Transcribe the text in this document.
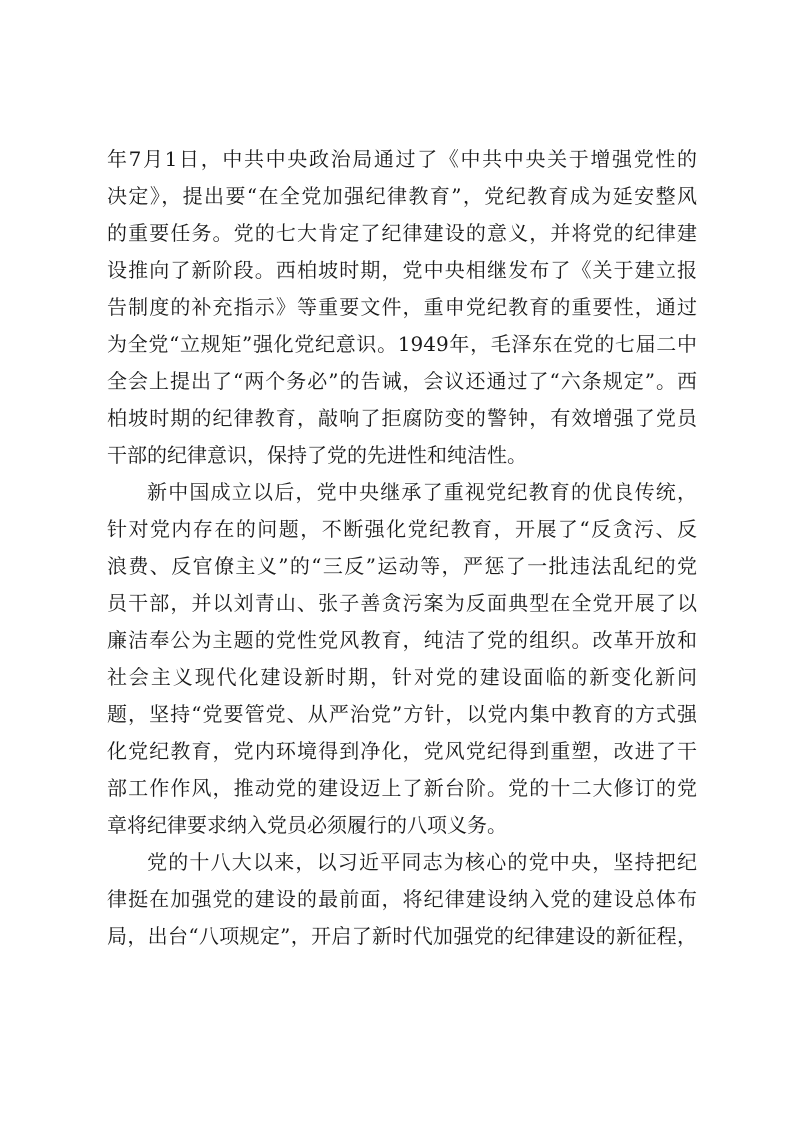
年7月1日，中共中央政治局通过了《中共中央关于增强党性的
决定》，提出要“在全党加强纪律教育”，党纪教育成为延安整风
的重要任务。党的七大肯定了纪律建设的意义，并将党的纪律建
设推向了新阶段。西柏坡时期，党中央相继发布了《关于建立报
告制度的补充指示》等重要文件，重申党纪教育的重要性，通过
为全党“立规矩”强化党纪意识。1949年，毛泽东在党的七届二中
全会上提出了“两个务必”的告诫，会议还通过了“六条规定”。西
柏坡时期的纪律教育，敲响了拒腐防变的警钟，有效增强了党员
干部的纪律意识，保持了党的先进性和纯洁性。
新中国成立以后，党中央继承了重视党纪教育的优良传统，
针对党内存在的问题，不断强化党纪教育，开展了“反贪污、反
浪费、反官僚主义”的“三反”运动等，严惩了一批违法乱纪的党
员干部，并以刘青山、张子善贪污案为反面典型在全党开展了以
廉洁奉公为主题的党性党风教育，纯洁了党的组织。改革开放和
社会主义现代化建设新时期，针对党的建设面临的新变化新问
题，坚持“党要管党、从严治党”方针，以党内集中教育的方式强
化党纪教育，党内环境得到净化，党风党纪得到重塑，改进了干
部工作作风，推动党的建设迈上了新台阶。党的十二大修订的党
章将纪律要求纳入党员必须履行的八项义务。
党的十八大以来，以习近平同志为核心的党中央，坚持把纪
律挺在加强党的建设的最前面，将纪律建设纳入党的建设总体布
局，出台“八项规定”，开启了新时代加强党的纪律建设的新征程，
